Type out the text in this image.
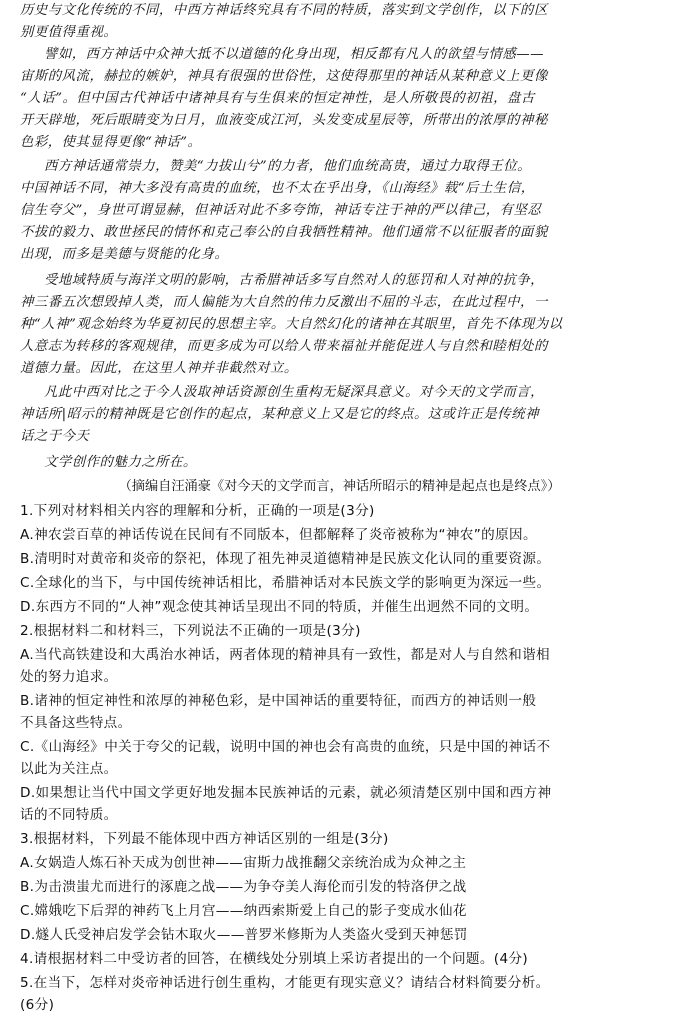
历史与文化传统的不同，中西方神话终究具有不同的特质，落实到文学创作，以下的区
别更值得重视。
譬如，西方神话中众神大抵不以道德的化身出现，相反都有凡人的欲望与情感——
宙斯的风流，赫拉的嫉妒，神具有很强的世俗性，这使得那里的神话从某种意义上更像
“人话”。但中国古代神话中诸神具有与生俱来的恒定神性，是人所敬畏的初祖，盘古
开天辟地，死后眼睛变为日月，血液变成江河，头发变成星辰等，所带出的浓厚的神秘
色彩，使其显得更像“神话”。
西方神话通常崇力，赞美“力拔山兮”的力者，他们血统高贵，通过力取得王位。
中国神话不同，神大多没有高贵的血统，也不太在乎出身，《山海经》载“后土生信，
信生夸父”，身世可谓显赫，但神话对此不多夸饰，神话专注于神的严以律己，有坚忍
不拔的毅力、敢世拯民的情怀和克己奉公的自我牺牲精神。他们通常不以征服者的面貌
出现，而多是美德与贤能的化身。
受地域特质与海洋文明的影响，古希腊神话多写自然对人的惩罚和人对神的抗争，
神三番五次想毁掉人类，而人偏能为大自然的伟力反激出不屈的斗志，在此过程中，一
种“人神”观念始终为华夏初民的思想主宰。大自然幻化的诸神在其眼里，首先不体现为以
人意志为转移的客观规律，而更多成为可以给人带来福祉并能促进人与自然和睦相处的
道德力量。因此，在这里人神并非截然对立。
凡此中西对比之于今人汲取神话资源创生重构无疑深具意义。对今天的文学而言，
神话所|昭示的精神既是它创作的起点，某种意义上又是它的终点。这或许正是传统神
话之于今天
文学创作的魅力之所在。
（摘编自汪涌豪《对今天的文学而言，神话所昭示的精神是起点也是终点》）
1.下列对材料相关内容的理解和分析，正确的一项是(3分)
A.神农尝百草的神话传说在民间有不同版本，但都解释了炎帝被称为“神农”的原因。
B.清明时对黄帝和炎帝的祭祀，体现了祖先神灵道德精神是民族文化认同的重要资源。
C.全球化的当下，与中国传统神话相比，希腊神话对本民族文学的影响更为深远一些。
D.东西方不同的“人神”观念使其神话呈现出不同的特质，并催生出迥然不同的文明。
2.根据材料二和材料三，下列说法不正确的一项是(3分)
A.当代高铁建设和大禹治水神话，两者体现的精神具有一致性，都是对人与自然和谐相
处的努力追求。
B.诸神的恒定神性和浓厚的神秘色彩，是中国神话的重要特征，而西方的神话则一般
不具备这些特点。
C.《山海经》中关于夸父的记载，说明中国的神也会有高贵的血统，只是中国的神话不
以此为关注点。
D.如果想让当代中国文学更好地发掘本民族神话的元素，就必须清楚区别中国和西方神
话的不同特质。
3.根据材料，下列最不能体现中西方神话区别的一组是(3分)
A.女娲造人炼石补天成为创世神——宙斯力战推翻父亲统治成为众神之主
B.为击溃蚩尤而进行的涿鹿之战——为争夺美人海伦而引发的特洛伊之战
C.嫦娥吃下后羿的神药飞上月宫——纳西索斯爱上自己的影子变成水仙花
D.燧人氏受神启发学会钻木取火——普罗米修斯为人类盗火受到天神惩罚
4.请根据材料二中受访者的回答，在横线处分别填上采访者提出的一个问题。(4分)
5.在当下，怎样对炎帝神话进行创生重构，才能更有现实意义？请结合材料简要分析。
(6分)
